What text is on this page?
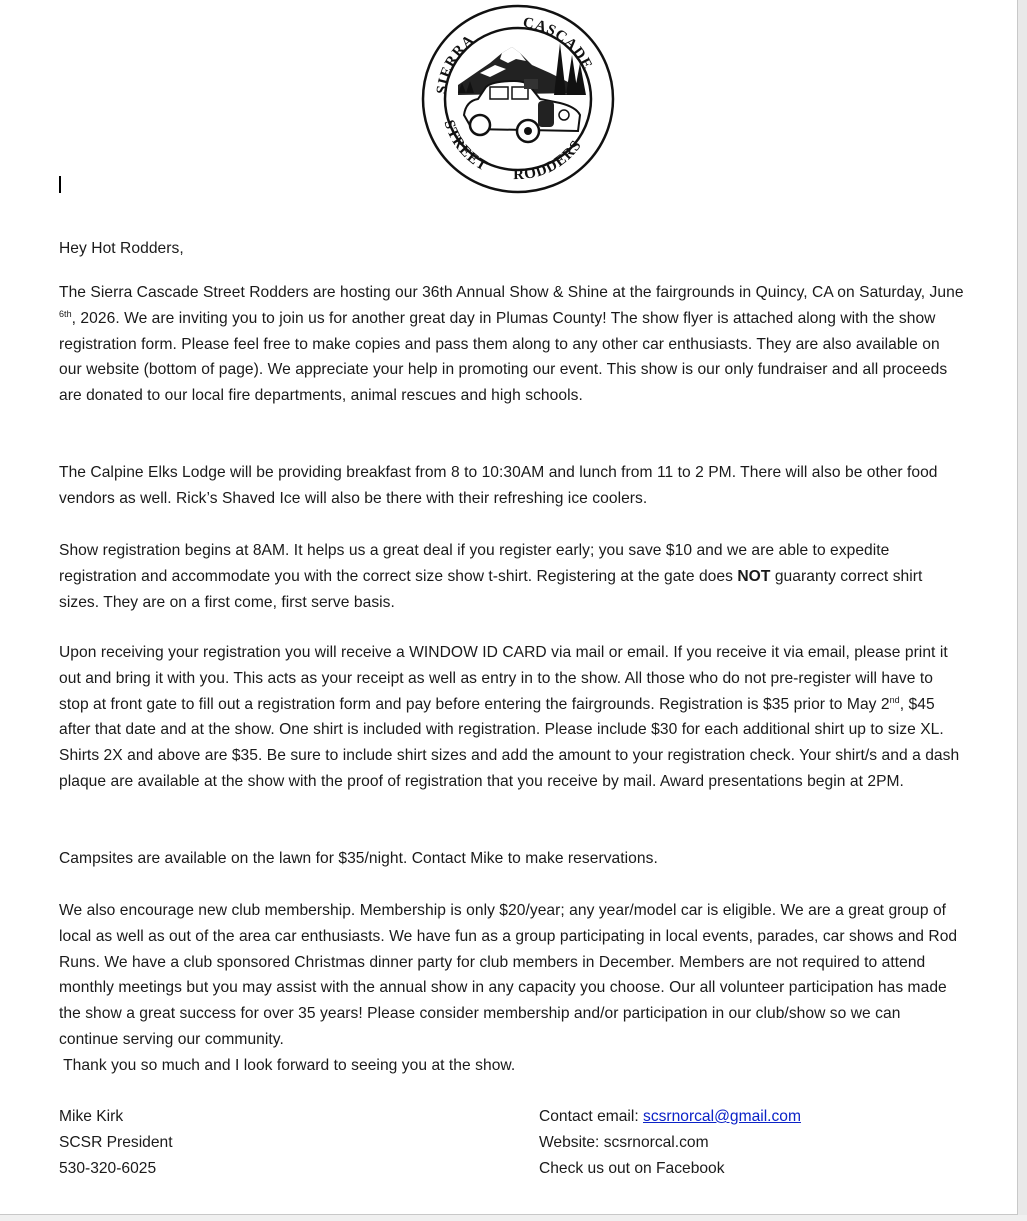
SIERRA
CASCADE
STREET
RODDERS

Hey Hot Rodders,

The Sierra Cascade Street Rodders are hosting our 36th Annual Show & Shine at the fairgrounds in Quincy, CA on Saturday, June $^{6th}$, 2026. We are inviting you to join us for another great day in Plumas County! The show flyer is attached along with the show registration form. Please feel free to make copies and pass them along to any other car enthusiasts. They are also available on our website (bottom of page). We appreciate your help in promoting our event. This show is our only fundraiser and all proceeds are donated to our local fire departments, animal rescues and high schools.

The Calpine Elks Lodge will be providing breakfast from 8 to 10:30AM and lunch from 11 to 2 PM. There will also be other food vendors as well. Rick’s Shaved Ice will also be there with their refreshing ice coolers.

Show registration begins at 8AM. It helps us a great deal if you register early; you save $10 and we are able to expedite registration and accommodate you with the correct size show t-shirt. Registering at the gate does NOT guaranty correct shirt sizes. They are on a first come, first serve basis.

Upon receiving your registration you will receive a WINDOW ID CARD via mail or email. If you receive it via email, please print it out and bring it with you. This acts as your receipt as well as entry in to the show. All those who do not pre-register will have to stop at front gate to fill out a registration form and pay before entering the fairgrounds. Registration is $35 prior to May 2nd, $45 after that date and at the show. One shirt is included with registration. Please include $30 for each additional shirt up to size XL. Shirts 2X and above are $35. Be sure to include shirt sizes and add the amount to your registration check. Your shirt/s and a dash plaque are available at the show with the proof of registration that you receive by mail. Award presentations begin at 2PM.

Campsites are available on the lawn for $35/night. Contact Mike to make reservations.

We also encourage new club membership. Membership is only $20/year; any year/model car is eligible. We are a great group of local as well as out of the area car enthusiasts. We have fun as a group participating in local events, parades, car shows and Rod Runs. We have a club sponsored Christmas dinner party for club members in December. Members are not required to attend monthly meetings but you may assist with the annual show in any capacity you choose. Our all volunteer participation has made the show a great success for over 35 years! Please consider membership and/or participation in our club/show so we can continue serving our community.

Thank you so much and I look forward to seeing you at the show.

Mike Kirk
SCSR President
530-320-6025
Contact email: scsrnorcal@gmail.com
Website: scsrnorcal.com
Check us out on Facebook
